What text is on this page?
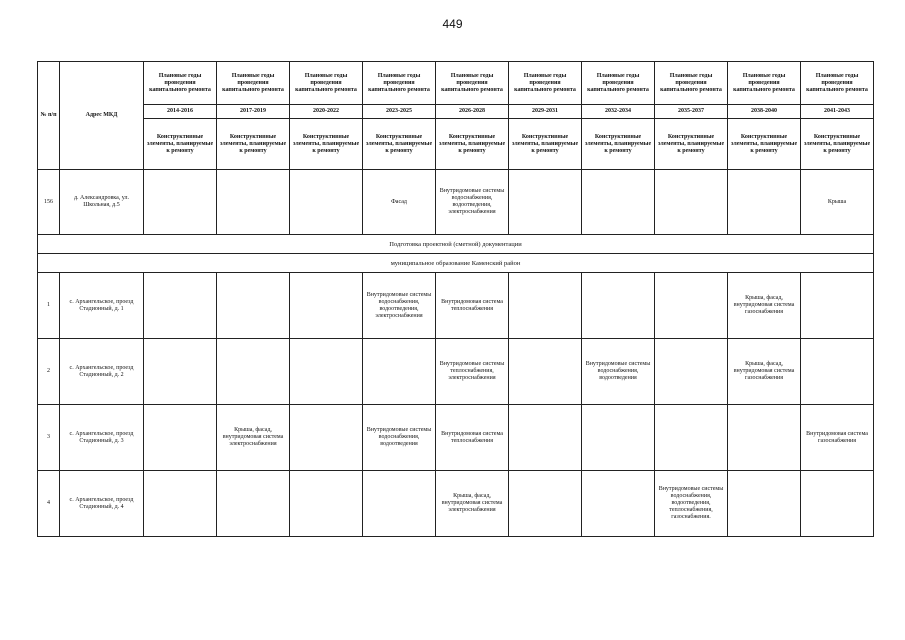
449
№ п/п	Адрес МКД	Плановые годы проведения капитального ремонта	Плановые годы проведения капитального ремонта	Плановые годы проведения капитального ремонта	Плановые годы проведения капитального ремонта	Плановые годы проведения капитального ремонта	Плановые годы проведения капитального ремонта	Плановые годы проведения капитального ремонта	Плановые годы проведения капитального ремонта	Плановые годы проведения капитального ремонта	Плановые годы проведения капитального ремонта
		2014-2016	2017-2019	2020-2022	2023-2025	2026-2028	2029-2031	2032-2034	2035-2037	2038-2040	2041-2043
		Конструктивные элементы, планируемые к ремонту	Конструктивные элементы, планируемые к ремонту	Конструктивные элементы, планируемые к ремонту	Конструктивные элементы, планируемые к ремонту	Конструктивные элементы, планируемые к ремонту	Конструктивные элементы, планируемые к ремонту	Конструктивные элементы, планируемые к ремонту	Конструктивные элементы, планируемые к ремонту	Конструктивные элементы, планируемые к ремонту	Конструктивные элементы, планируемые к ремонту
156	д. Александровка, ул. Школьная, д.5				Фасад	Внутридомовые системы водоснабжения, водоотведения, электроснабжения					Крыша
Подготовка проектной (сметной) документации											
муниципальное образование Каменский район											
1	с. Архангельское, проезд Стадионный, д. 1				Внутридомовые системы водоснабжения, водоотведения, электроснабжения	Внутридомовая система теплоснабжения				Крыша, фасад, внутридомовая система газоснабжения	
2	с. Архангельское, проезд Стадионный, д. 2					Внутридомовые системы теплоснабжения, электроснабжения		Внутридомовые системы водоснабжения, водоотведения		Крыша, фасад, внутридомовая система газоснабжения	
3	с. Архангельское, проезд Стадионный, д. 3		Крыша, фасад, внутридомовая система электроснабжения		Внутридомовые системы водоснабжения, водоотведения	Внутридомовая система теплоснабжения					Внутридомовая система газоснабжения
4	с. Архангельское, проезд Стадионный, д. 4					Крыша, фасад, внутридомовая система электроснабжения			Внутридомовые системы водоснабжения, водоотведения, теплоснабжения, газоснабжения.		
